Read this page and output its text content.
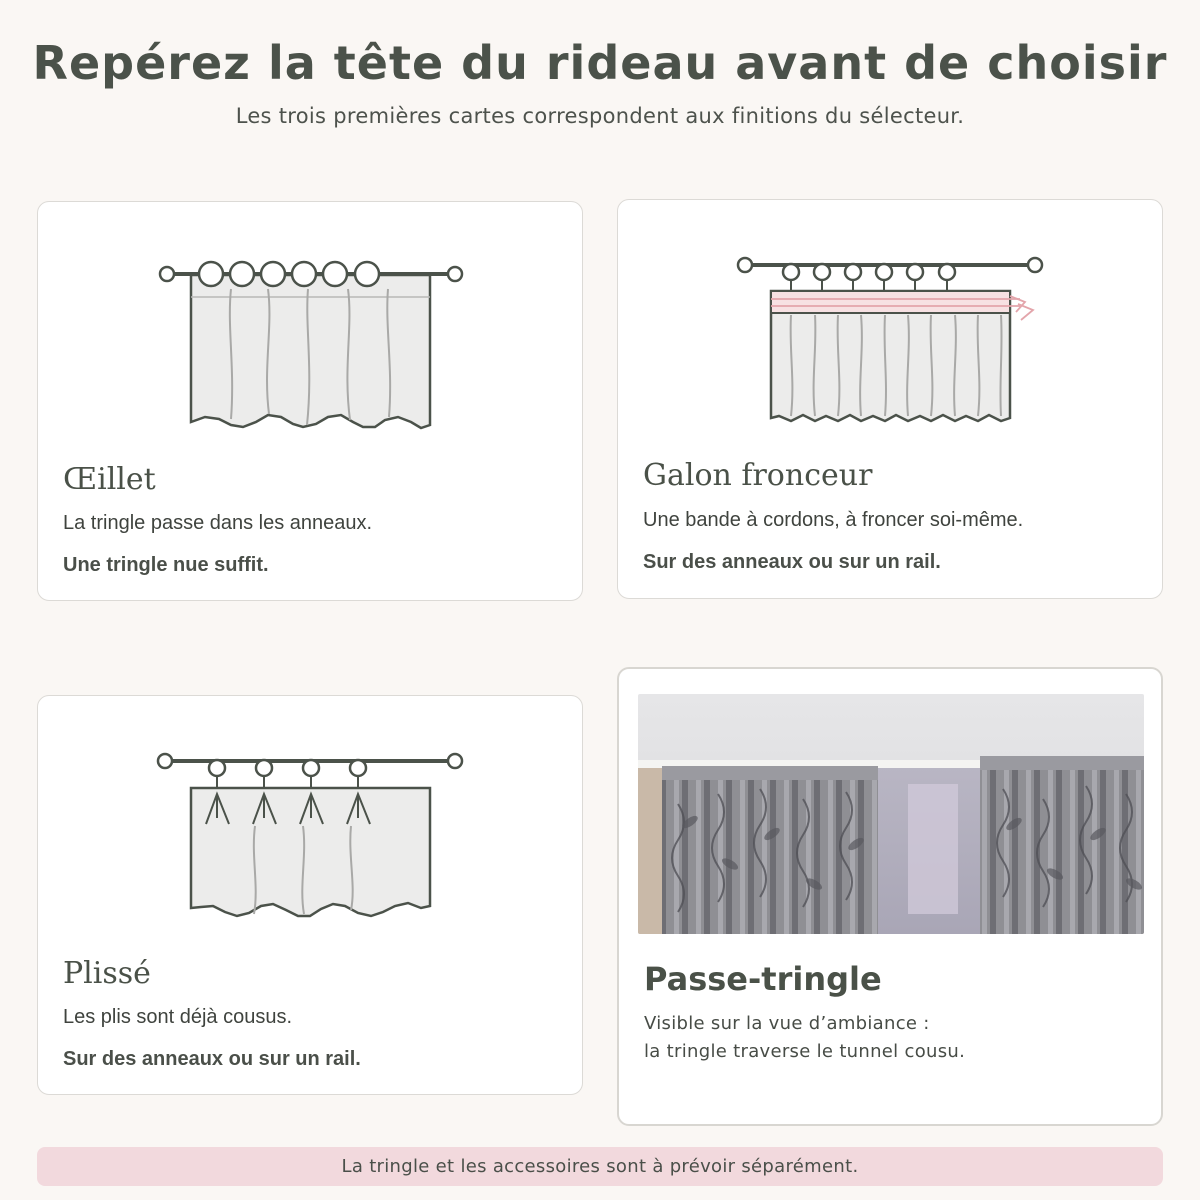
Repérez la tête du rideau avant de choisir

Les trois premières cartes correspondent aux finitions du sélecteur.

Œillet

La tringle passe dans les anneaux.

Une tringle nue suffit.

Galon fronceur

Une bande à cordons, à froncer soi-même.

Sur des anneaux ou sur un rail.

Plissé

Les plis sont déjà cousus.

Sur des anneaux ou sur un rail.

Passe-tringle

Visible sur la vue d’ambiance :
la tringle traverse le tunnel cousu.

La tringle et les accessoires sont à prévoir séparément.
